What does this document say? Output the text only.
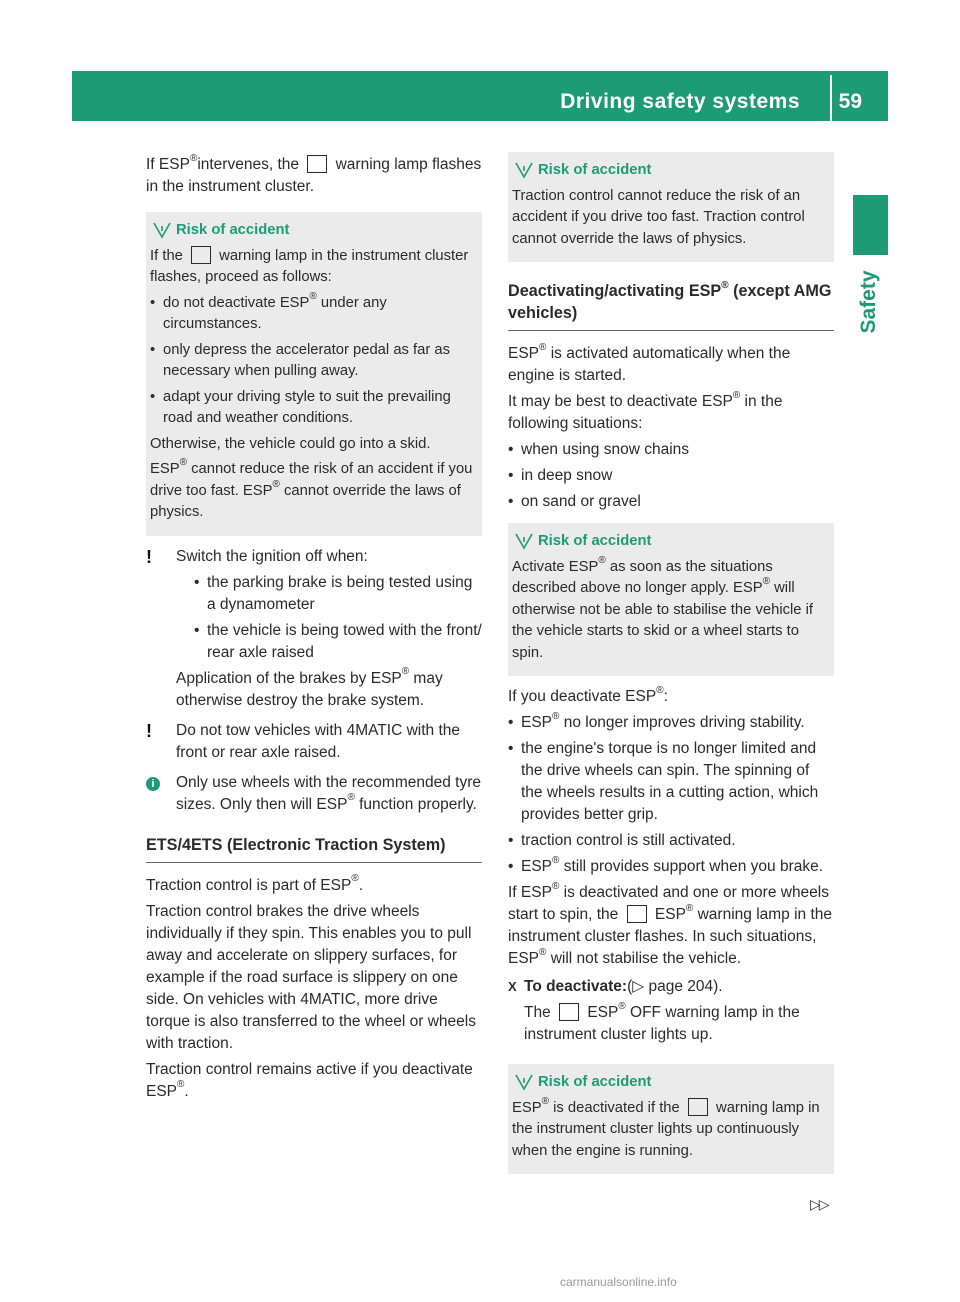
Driving safety systems 59
Safety

If ESP®intervenes, the  warning lamp flashes in the instrument cluster.

Risk of accident

If the  warning lamp in the instrument cluster flashes, proceed as follows:

• do not deactivate ESP® under any circumstances.
• only depress the accelerator pedal as far as necessary when pulling away.
• adapt your driving style to suit the prevailing road and weather conditions.

Otherwise, the vehicle could go into a skid.

ESP® cannot reduce the risk of an accident if you drive too fast. ESP® cannot override the laws of physics.

!	Switch the ignition off when:

• the parking brake is being tested using a dynamometer
• the vehicle is being towed with the front/ rear axle raised

Application of the brakes by ESP® may otherwise destroy the brake system.

!	Do not tow vehicles with 4MATIC with the front or rear axle raised.

i	Only use wheels with the recommended tyre sizes. Only then will ESP® function properly.

ETS/4ETS (Electronic Traction System)

Traction control is part of ESP®.

Traction control brakes the drive wheels individually if they spin. This enables you to pull away and accelerate on slippery surfaces, for example if the road surface is slippery on one side. On vehicles with 4MATIC, more drive torque is also transferred to the wheel or wheels with traction.

Traction control remains active if you deactivate ESP®.

Risk of accident

Traction control cannot reduce the risk of an accident if you drive too fast. Traction control cannot override the laws of physics.

Deactivating/activating ESP® (except AMG vehicles)

ESP® is activated automatically when the engine is started.

It may be best to deactivate ESP® in the following situations:

• when using snow chains
• in deep snow
• on sand or gravel
Risk of accident

Activate ESP® as soon as the situations described above no longer apply. ESP® will otherwise not be able to stabilise the vehicle if the vehicle starts to skid or a wheel starts to spin.

If you deactivate ESP®:

• ESP® no longer improves driving stability.
• the engine's torque is no longer limited and the drive wheels can spin. The spinning of the wheels results in a cutting action, which provides better grip.
• traction control is still activated.
• ESP® still provides support when you brake.

If ESP® is deactivated and one or more wheels start to spin, the  ESP® warning lamp in the instrument cluster flashes. In such situations, ESP® will not stabilise the vehicle.

X To deactivate:(▷ page 204).

The  ESP® OFF warning lamp in the instrument cluster lights up.

Risk of accident

ESP® is deactivated if the  warning lamp in the instrument cluster lights up continuously when the engine is running.

▷▷
carmanualsonline.info
